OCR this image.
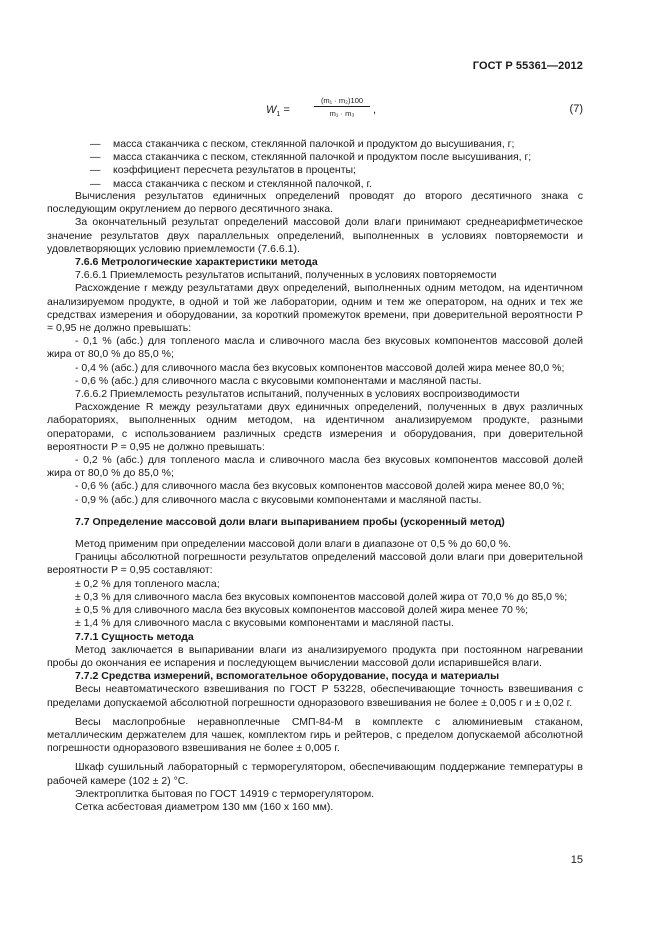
ГОСТ Р 55361—2012
$W_1$ =	$\frac{\text{(m₁ · m₂)100}}{\text{m₁ · m₃}}$ ,	(7)
— масса стаканчика с песком, стеклянной палочкой и продуктом до высушивания, г;
— масса стаканчика с песком, стеклянной палочкой и продуктом после высушивания, г;
— коэффициент пересчета результатов в проценты;
— масса стаканчика с песком и стеклянной палочкой, г.

Вычисления результатов единичных определений проводят до второго десятичного знака с последующим округлением до первого десятичного знака.

За окончательный результат определений массовой доли влаги принимают среднеарифметическое значение результатов двух параллельных определений, выполненных в условиях повторяемости и удовлетворяющих условию приемлемости (7.6.6.1).

7.6.6 Метрологические характеристики метода

7.6.6.1 Приемлемость результатов испытаний, полученных в условиях повторяемости

Расхождение r между результатами двух определений, выполненных одним методом, на идентичном анализируемом продукте, в одной и той же лаборатории, одним и тем же оператором, на одних и тех же средствах измерения и оборудовании, за короткий промежуток времени, при доверительной вероятности P = 0,95 не должно превышать:

- 0,1 % (абс.) для топленого масла и сливочного масла без вкусовых компонентов массовой долей жира от 80,0 % до 85,0 %;

- 0,4 % (абс.) для сливочного масла без вкусовых компонентов массовой долей жира менее 80,0 %;

- 0,6 % (абс.) для сливочного масла с вкусовыми компонентами и масляной пасты.

7.6.6.2 Приемлемость результатов испытаний, полученных в условиях воспроизводимости

Расхождение R между результатами двух единичных определений, полученных в двух различных лабораториях, выполненных одним методом, на идентичном анализируемом продукте, разными операторами, с использованием различных средств измерения и оборудования, при доверительной вероятности P = 0,95 не должно превышать:

- 0,2 % (абс.) для топленого масла и сливочного масла без вкусовых компонентов массовой долей жира от 80,0 % до 85,0 %;

- 0,6 % (абс.) для сливочного масла без вкусовых компонентов массовой долей жира менее 80,0 %;

- 0,9 % (абс.) для сливочного масла с вкусовыми компонентами и масляной пасты.

7.7 Определение массовой доли влаги выпариванием пробы (ускоренный метод)

Метод применим при определении массовой доли влаги в диапазоне от 0,5 % до 60,0 %.

Границы абсолютной погрешности результатов определений массовой доли влаги при доверительной вероятности P = 0,95 составляют:

± 0,2 % для топленого масла;

± 0,3 % для сливочного масла без вкусовых компонентов массовой долей жира от 70,0 % до 85,0 %;

± 0,5 % для сливочного масла без вкусовых компонентов массовой долей жира менее 70 %;

± 1,4 % для сливочного масла с вкусовыми компонентами и масляной пасты.

7.7.1 Сущность метода

Метод заключается в выпаривании влаги из анализируемого продукта при постоянном нагревании пробы до окончания ее испарения и последующем вычислении массовой доли испарившейся влаги.

7.7.2 Средства измерений, вспомогательное оборудование, посуда и материалы

Весы неавтоматического взвешивания по ГОСТ Р 53228, обеспечивающие точность взвешивания с пределами допускаемой абсолютной погрешности одноразового взвешивания не более ± 0,005 г и ± 0,02 г.

Весы маслопробные неравноплечные СМП-84-М в комплекте с алюминиевым стаканом, металлическим держателем для чашек, комплектом гирь и рейтеров, с пределом допускаемой абсолютной погрешности одноразового взвешивания не более ± 0,005 г.

Шкаф сушильный лабораторный с терморегулятором, обеспечивающим поддержание температуры в рабочей камере (102 ± 2) °С.

Электроплитка бытовая по ГОСТ 14919 с терморегулятором.

Сетка асбестовая диаметром 130 мм (160 х 160 мм).

15
